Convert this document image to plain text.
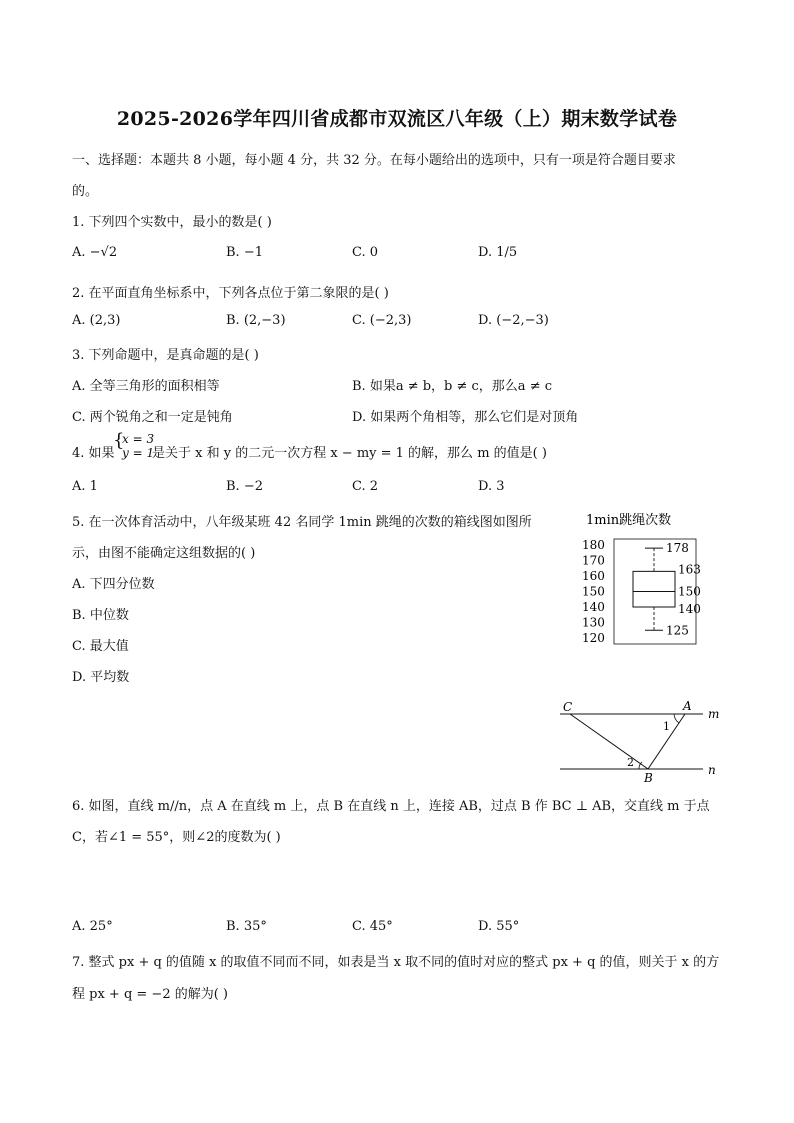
2025-2026学年四川省成都市双流区八年级（上）期末数学试卷
一、选择题：本题共 8 小题，每小题 4 分，共 32 分。在每小题给出的选项中，只有一项是符合题目要求
的。
1. 下列四个实数中，最小的数是( )
A. −√2	B. −1	C. 0	D. 1/5
2. 在平面直角坐标系中，下列各点位于第二象限的是( )
A. (2,3)	B. (2,−3)	C. (−2,3)	D. (−2,−3)
3. 下列命题中，是真命题的是( )
A. 全等三角形的面积相等	B. 如果a ≠ b，b ≠ c，那么a ≠ c
C. 两个锐角之和一定是钝角	D. 如果两个角相等，那么它们是对顶角
4. 如果
{
x = 3
y = 1
是关于 x 和 y 的二元一次方程 x − my = 1 的解，那么 m 的值是( )
A. 1	B. −2	C. 2	D. 3
5. 在一次体育活动中，八年级某班 42 名同学 1min 跳绳的次数的箱线图如图所
示，由图不能确定这组数据的( )
A. 下四分位数
B. 中位数
C. 最大值
D. 平均数
1min跳绳次数
120
130
140
150
160
170
180	178
163
150
140
125
C	A
B
m
n
1
2
6. 如图，直线 m//n，点 A 在直线 m 上，点 B 在直线 n 上，连接 AB，过点 B 作 BC ⊥ AB，交直线 m 于点
C，若∠1 = 55°，则∠2的度数为( )
A. 25°	B. 35°	C. 45°	D. 55°
7. 整式 px + q 的值随 x 的取值不同而不同，如表是当 x 取不同的值时对应的整式 px + q 的值，则关于 x 的方
程 px + q = −2 的解为( )
